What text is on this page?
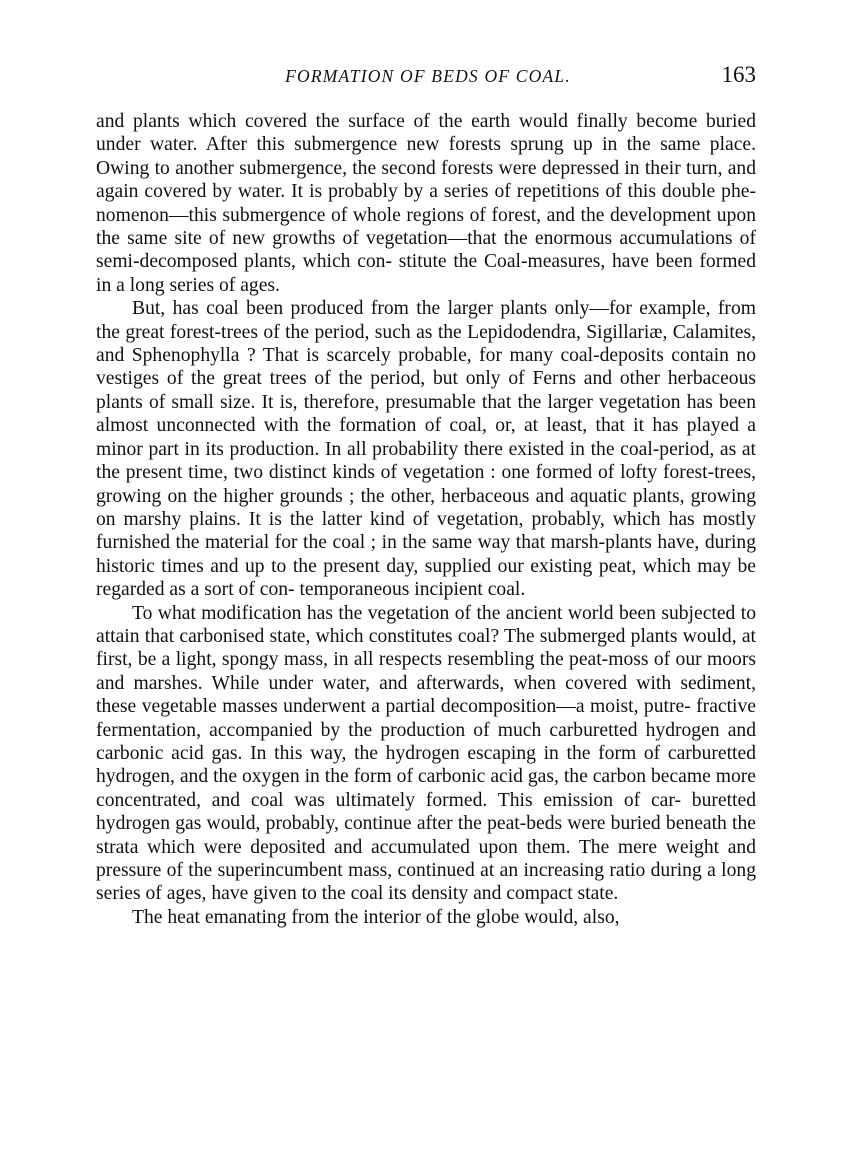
FORMATION OF BEDS OF COAL.	163

and plants which covered the surface of the earth would finally become buried under water. After this submergence new forests sprung up in the same place. Owing to another submergence, the second forests were depressed in their turn, and again covered by water. It is probably by a series of repetitions of this double phe- nomenon—this submergence of whole regions of forest, and the development upon the same site of new growths of vegetation—that the enormous accumulations of semi-decomposed plants, which con- stitute the Coal-measures, have been formed in a long series of ages.

But, has coal been produced from the larger plants only—for example, from the great forest-trees of the period, such as the Lepidodendra, Sigillariæ, Calamites, and Sphenophylla ? That is scarcely probable, for many coal-deposits contain no vestiges of the great trees of the period, but only of Ferns and other herbaceous plants of small size. It is, therefore, presumable that the larger vegetation has been almost unconnected with the formation of coal, or, at least, that it has played a minor part in its production. In all probability there existed in the coal-period, as at the present time, two distinct kinds of vegetation : one formed of lofty forest-trees, growing on the higher grounds ; the other, herbaceous and aquatic plants, growing on marshy plains. It is the latter kind of vegetation, probably, which has mostly furnished the material for the coal ; in the same way that marsh-plants have, during historic times and up to the present day, supplied our existing peat, which may be regarded as a sort of con- temporaneous incipient coal.

To what modification has the vegetation of the ancient world been subjected to attain that carbonised state, which constitutes coal? The submerged plants would, at first, be a light, spongy mass, in all respects resembling the peat-moss of our moors and marshes. While under water, and afterwards, when covered with sediment, these vegetable masses underwent a partial decomposition—a moist, putre- fractive fermentation, accompanied by the production of much carburetted hydrogen and carbonic acid gas. In this way, the hydrogen escaping in the form of carburetted hydrogen, and the oxygen in the form of carbonic acid gas, the carbon became more concentrated, and coal was ultimately formed. This emission of car- buretted hydrogen gas would, probably, continue after the peat-beds were buried beneath the strata which were deposited and accumulated upon them. The mere weight and pressure of the superincumbent mass, continued at an increasing ratio during a long series of ages, have given to the coal its density and compact state.

The heat emanating from the interior of the globe would, also,
